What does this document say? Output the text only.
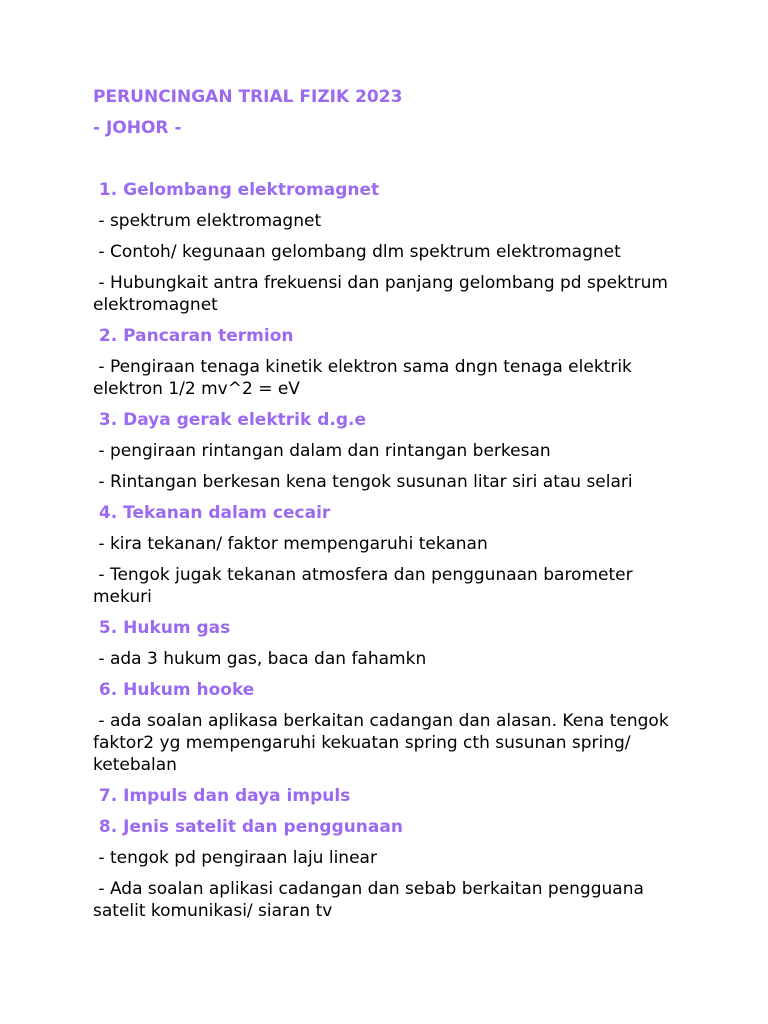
PERUNCINGAN TRIAL FIZIK 2023

- JOHOR -

1. Gelombang elektromagnet

- spektrum elektromagnet

- Contoh/ kegunaan gelombang dlm spektrum elektromagnet

- Hubungkait antra frekuensi dan panjang gelombang pd spektrum elektromagnet

2. Pancaran termion

- Pengiraan tenaga kinetik elektron sama dngn tenaga elektrik elektron 1/2 mv^2 = eV

3. Daya gerak elektrik d.g.e

- pengiraan rintangan dalam dan rintangan berkesan

- Rintangan berkesan kena tengok susunan litar siri atau selari

4. Tekanan dalam cecair

- kira tekanan/ faktor mempengaruhi tekanan

- Tengok jugak tekanan atmosfera dan penggunaan barometer mekuri

5. Hukum gas

- ada 3 hukum gas, baca dan fahamkn

6. Hukum hooke

- ada soalan aplikasa berkaitan cadangan dan alasan. Kena tengok faktor2 yg mempengaruhi kekuatan spring cth susunan spring/ ketebalan

7. Impuls dan daya impuls

8. Jenis satelit dan penggunaan

- tengok pd pengiraan laju linear

- Ada soalan aplikasi cadangan dan sebab berkaitan pengguana satelit komunikasi/ siaran tv
